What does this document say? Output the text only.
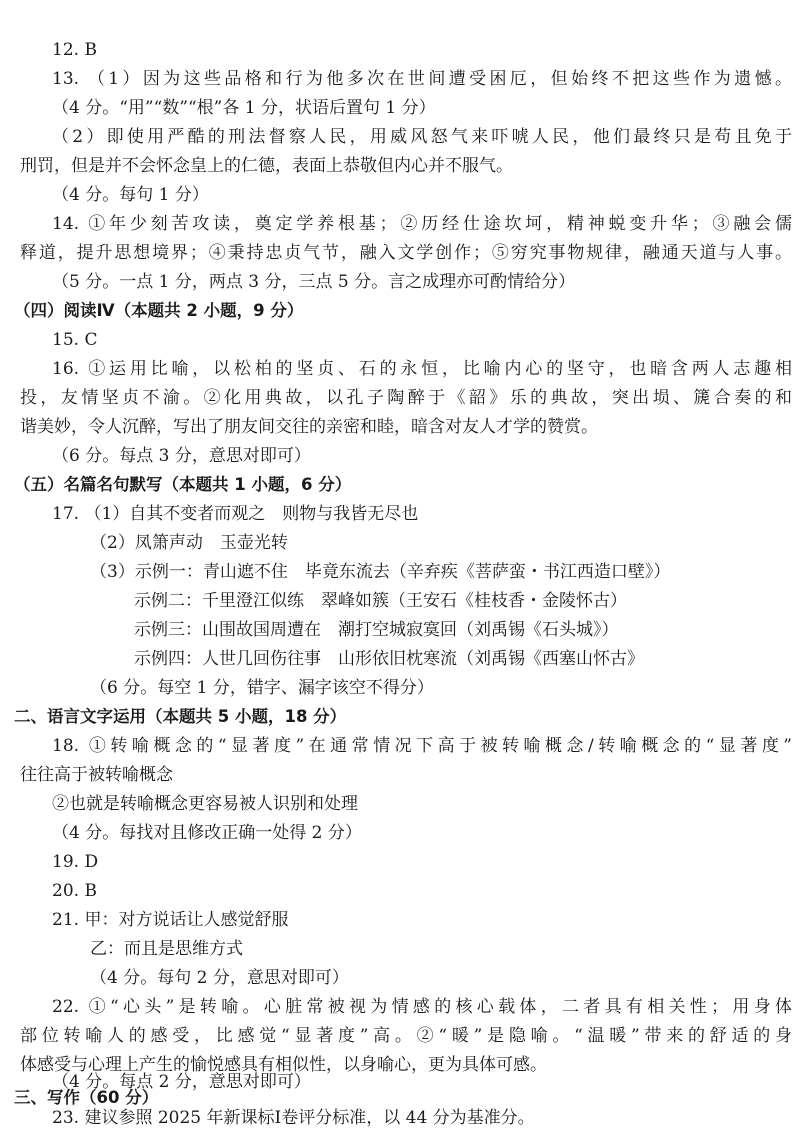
12. B
13. （1）因为这些品格和行为他多次在世间遭受困厄，但始终不把这些作为遗憾。
（4 分。“用”“数”“根”各 1 分，状语后置句 1 分）
（2）即使用严酷的刑法督察人民，用威风怒气来吓唬人民，他们最终只是苟且免于
刑罚，但是并不会怀念皇上的仁德，表面上恭敬但内心并不服气。
（4 分。每句 1 分）
14. ①年少刻苦攻读，奠定学养根基；②历经仕途坎坷，精神蜕变升华；③融会儒
释道，提升思想境界；④秉持忠贞气节，融入文学创作；⑤穷究事物规律，融通天道与人事。
（5 分。一点 1 分，两点 3 分，三点 5 分。言之成理亦可酌情给分）
（四）阅读Ⅳ（本题共 2 小题，9 分）
15. C
16. ①运用比喻，以松柏的坚贞、石的永恒，比喻内心的坚守，也暗含两人志趣相
投，友情坚贞不渝。②化用典故，以孔子陶醉于《韶》乐的典故，突出埙、篪合奏的和
谐美妙，令人沉醉，写出了朋友间交往的亲密和睦，暗含对友人才学的赞赏。
（6 分。每点 3 分，意思对即可）
（五）名篇名句默写（本题共 1 小题，6 分）
17. （1）自其不变者而观之　则物与我皆无尽也
（2）凤箫声动　玉壶光转
（3）示例一：青山遮不住　毕竟东流去（辛弃疾《菩萨蛮・书江西造口壁》）
示例二：千里澄江似练　翠峰如簇（王安石《桂枝香・金陵怀古）
示例三：山围故国周遭在　潮打空城寂寞回（刘禹锡《石头城》）
示例四：人世几回伤往事　山形依旧枕寒流（刘禹锡《西塞山怀古》
（6 分。每空 1 分，错字、漏字该空不得分）
二、语言文字运用（本题共 5 小题，18 分）
18. ①转喻概念的“显著度”在通常情况下高于被转喻概念/转喻概念的“显著度”
往往高于被转喻概念
②也就是转喻概念更容易被人识别和处理
（4 分。每找对且修改正确一处得 2 分）
19. D
20. B
21. 甲：对方说话让人感觉舒服
乙：而且是思维方式
（4 分。每句 2 分，意思对即可）
22. ①“心头”是转喻。心脏常被视为情感的核心载体，二者具有相关性；用身体
部位转喻人的感受，比感觉“显著度”高。②“暖”是隐喻。“温暖”带来的舒适的身
体感受与心理上产生的愉悦感具有相似性，以身喻心，更为具体可感。
（4 分。每点 2 分，意思对即可）
三、写作（60 分）
23. 建议参照 2025 年新课标Ⅰ卷评分标准，以 44 分为基准分。
